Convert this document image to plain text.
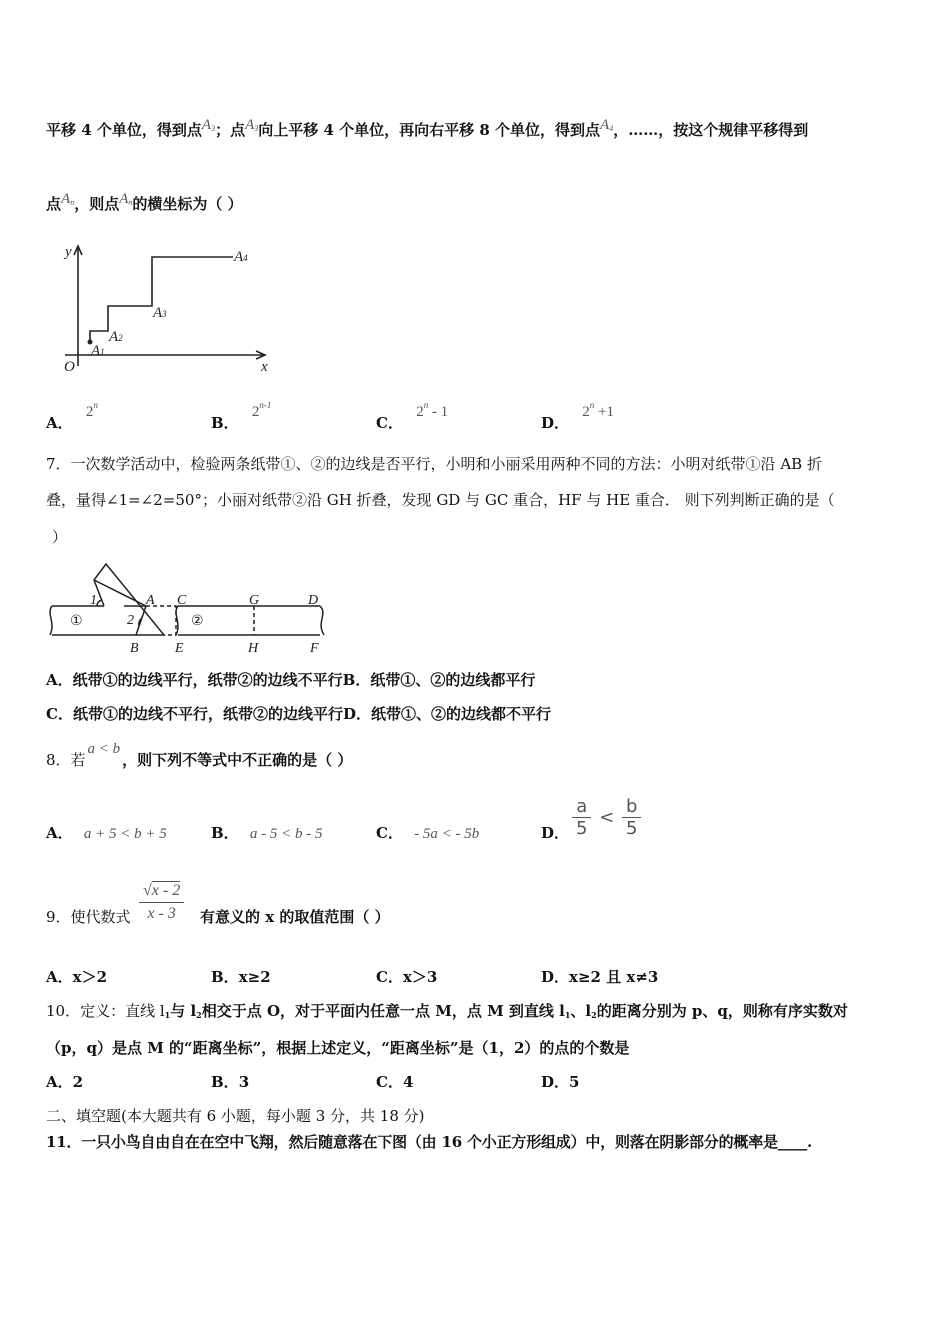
平移 4 个单位，得到点$A_3$；点$A_3$向上平移 4 个单位，再向右平移 8 个单位，得到点$A_4$，……，按这个规律平移得到
点$A_n$，则点$A_n$的横坐标为（ ）
y
x
O
A1
A2
A3
A4
A． 2$^n$
B． 2$^{n-1}$
C． 2$^n$ - 1
D． $2^n +1$
7．一次数学活动中，检验两条纸带①、②的边线是否平行，小明和小丽采用两种不同的方法：小明对纸带①沿 AB 折
叠，量得∠1=∠2=50°；小丽对纸带②沿 GH 折叠，发现 GD 与 GC 重合，HF 与 HE 重合． 则下列判断正确的是（
）
1
2
A
B
C	G	D
E	H	F
①	②
A．纸带①的边线平行，纸带②的边线不平行B．纸带①、②的边线都平行
C．纸带①的边线不平行，纸带②的边线平行D．纸带①、②的边线都不平行
8．若a < b，则下列不等式中不正确的是（ ）
A． a + 5 < b + 5	B． a - 5 < b - 5	C． - 5a < - 5b	D． $\frac{a}{5} < \frac{b}{5}$
9．使代数式
√x - 2
x - 3	有意义的 x 的取值范围（ ）
A．x＞2	B．x≥2	C．x＞3	D．x≥2 且 x≠3
10．定义：直线 $l_1$与 $l_2$相交于点 O，对于平面内任意一点 M，点 M 到直线 $l_1$、$l_2$的距离分别为 p、q，则称有序实数对
（p，q）是点 M 的“距离坐标”，根据上述定义，“距离坐标”是（1，2）的点的个数是
A．2	B．3	C．4	D．5
二、填空题(本大题共有 6 小题，每小题 3 分，共 18 分)
11．一只小鸟自由自在在空中飞翔，然后随意落在下图（由 16 个小正方形组成）中，则落在阴影部分的概率是____.
